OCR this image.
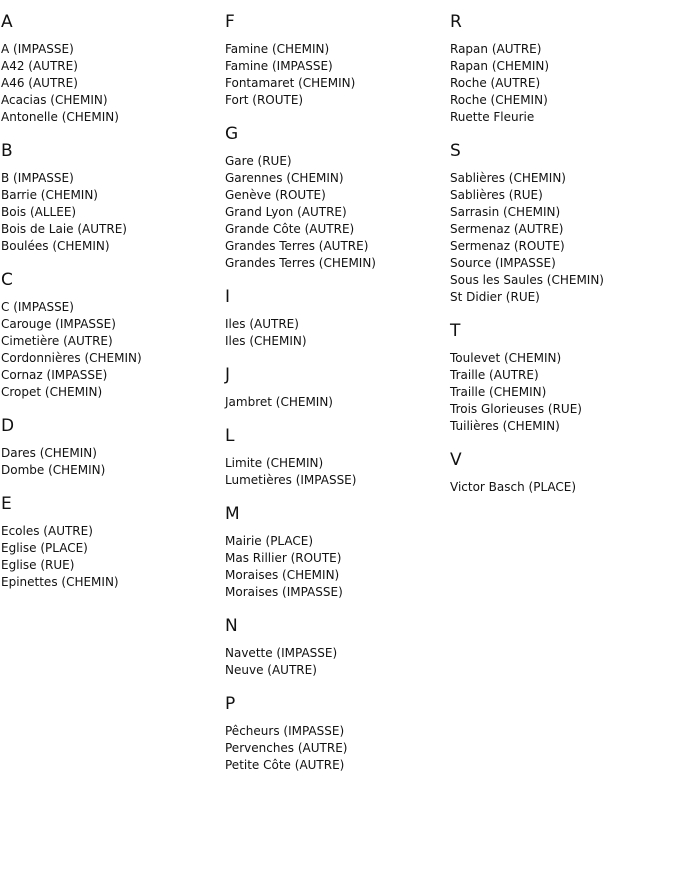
A
A (IMPASSE)
A42 (AUTRE)
A46 (AUTRE)
Acacias (CHEMIN)
Antonelle (CHEMIN)
B
B (IMPASSE)
Barrie (CHEMIN)
Bois (ALLEE)
Bois de Laie (AUTRE)
Boulées (CHEMIN)
C
C (IMPASSE)
Carouge (IMPASSE)
Cimetière (AUTRE)
Cordonnières (CHEMIN)
Cornaz (IMPASSE)
Cropet (CHEMIN)
D
Dares (CHEMIN)
Dombe (CHEMIN)
E
Ecoles (AUTRE)
Eglise (PLACE)
Eglise (RUE)
Epinettes (CHEMIN)
F
Famine (CHEMIN)
Famine (IMPASSE)
Fontamaret (CHEMIN)
Fort (ROUTE)
G
Gare (RUE)
Garennes (CHEMIN)
Genève (ROUTE)
Grand Lyon (AUTRE)
Grande Côte (AUTRE)
Grandes Terres (AUTRE)
Grandes Terres (CHEMIN)
I
Iles (AUTRE)
Iles (CHEMIN)
J
Jambret (CHEMIN)
L
Limite (CHEMIN)
Lumetières (IMPASSE)
M
Mairie (PLACE)
Mas Rillier (ROUTE)
Moraises (CHEMIN)
Moraises (IMPASSE)
N
Navette (IMPASSE)
Neuve (AUTRE)
P
Pêcheurs (IMPASSE)
Pervenches (AUTRE)
Petite Côte (AUTRE)
R
Rapan (AUTRE)
Rapan (CHEMIN)
Roche (AUTRE)
Roche (CHEMIN)
Ruette Fleurie
S
Sablières (CHEMIN)
Sablières (RUE)
Sarrasin (CHEMIN)
Sermenaz (AUTRE)
Sermenaz (ROUTE)
Source (IMPASSE)
Sous les Saules (CHEMIN)
St Didier (RUE)
T
Toulevet (CHEMIN)
Traille (AUTRE)
Traille (CHEMIN)
Trois Glorieuses (RUE)
Tuilières (CHEMIN)
V
Victor Basch (PLACE)
